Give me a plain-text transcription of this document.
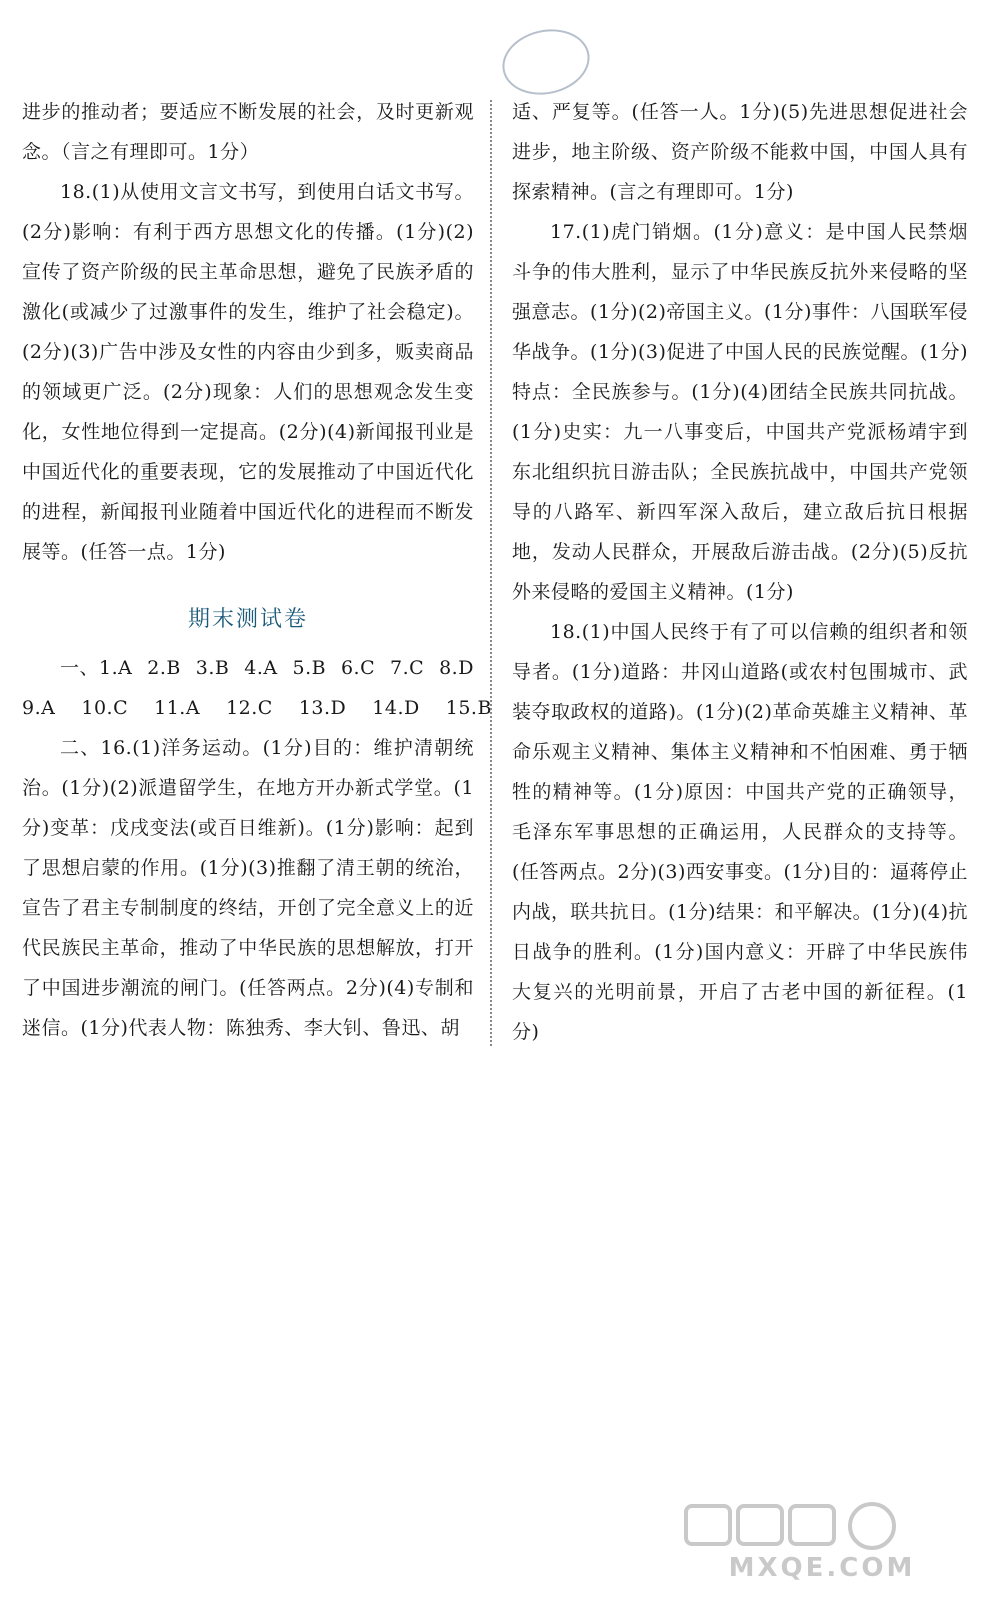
进步的推动者；要适应不断发展的社会，及时更新观念。（言之有理即可。1分）

18.(1)从使用文言文书写，到使用白话文书写。(2分)影响：有利于西方思想文化的传播。(1分)(2)宣传了资产阶级的民主革命思想，避免了民族矛盾的激化(或减少了过激事件的发生，维护了社会稳定)。(2分)(3)广告中涉及女性的内容由少到多，贩卖商品的领域更广泛。(2分)现象：人们的思想观念发生变化，女性地位得到一定提高。(2分)(4)新闻报刊业是中国近代化的重要表现，它的发展推动了中国近代化的进程，新闻报刊业随着中国近代化的进程而不断发展等。(任答一点。1分)

期末测试卷

一、1.A 2.B 3.B 4.A 5.B 6.C 7.C 8.D
9.A 10.C 11.A 12.C 13.D 14.D 15.B

二、16.(1)洋务运动。(1分)目的：维护清朝统治。(1分)(2)派遣留学生，在地方开办新式学堂。(1分)变革：戊戌变法(或百日维新)。(1分)影响：起到了思想启蒙的作用。(1分)(3)推翻了清王朝的统治，宣告了君主专制制度的终结，开创了完全意义上的近代民族民主革命，推动了中华民族的思想解放，打开了中国进步潮流的闸门。(任答两点。2分)(4)专制和迷信。(1分)代表人物：陈独秀、李大钊、鲁迅、胡

适、严复等。(任答一人。1分)(5)先进思想促进社会进步，地主阶级、资产阶级不能救中国，中国人具有探索精神。(言之有理即可。1分)

17.(1)虎门销烟。(1分)意义：是中国人民禁烟斗争的伟大胜利，显示了中华民族反抗外来侵略的坚强意志。(1分)(2)帝国主义。(1分)事件：八国联军侵华战争。(1分)(3)促进了中国人民的民族觉醒。(1分)特点：全民族参与。(1分)(4)团结全民族共同抗战。(1分)史实：九一八事变后，中国共产党派杨靖宇到东北组织抗日游击队；全民族抗战中，中国共产党领导的八路军、新四军深入敌后，建立敌后抗日根据地，发动人民群众，开展敌后游击战。(2分)(5)反抗外来侵略的爱国主义精神。(1分)

18.(1)中国人民终于有了可以信赖的组织者和领导者。(1分)道路：井冈山道路(或农村包围城市、武装夺取政权的道路)。(1分)(2)革命英雄主义精神、革命乐观主义精神、集体主义精神和不怕困难、勇于牺牲的精神等。(1分)原因：中国共产党的正确领导，毛泽东军事思想的正确运用，人民群众的支持等。(任答两点。2分)(3)西安事变。(1分)目的：逼蒋停止内战，联共抗日。(1分)结果：和平解决。(1分)(4)抗日战争的胜利。(1分)国内意义：开辟了中华民族伟大复兴的光明前景，开启了古老中国的新征程。(1分)

MXQE.COM
